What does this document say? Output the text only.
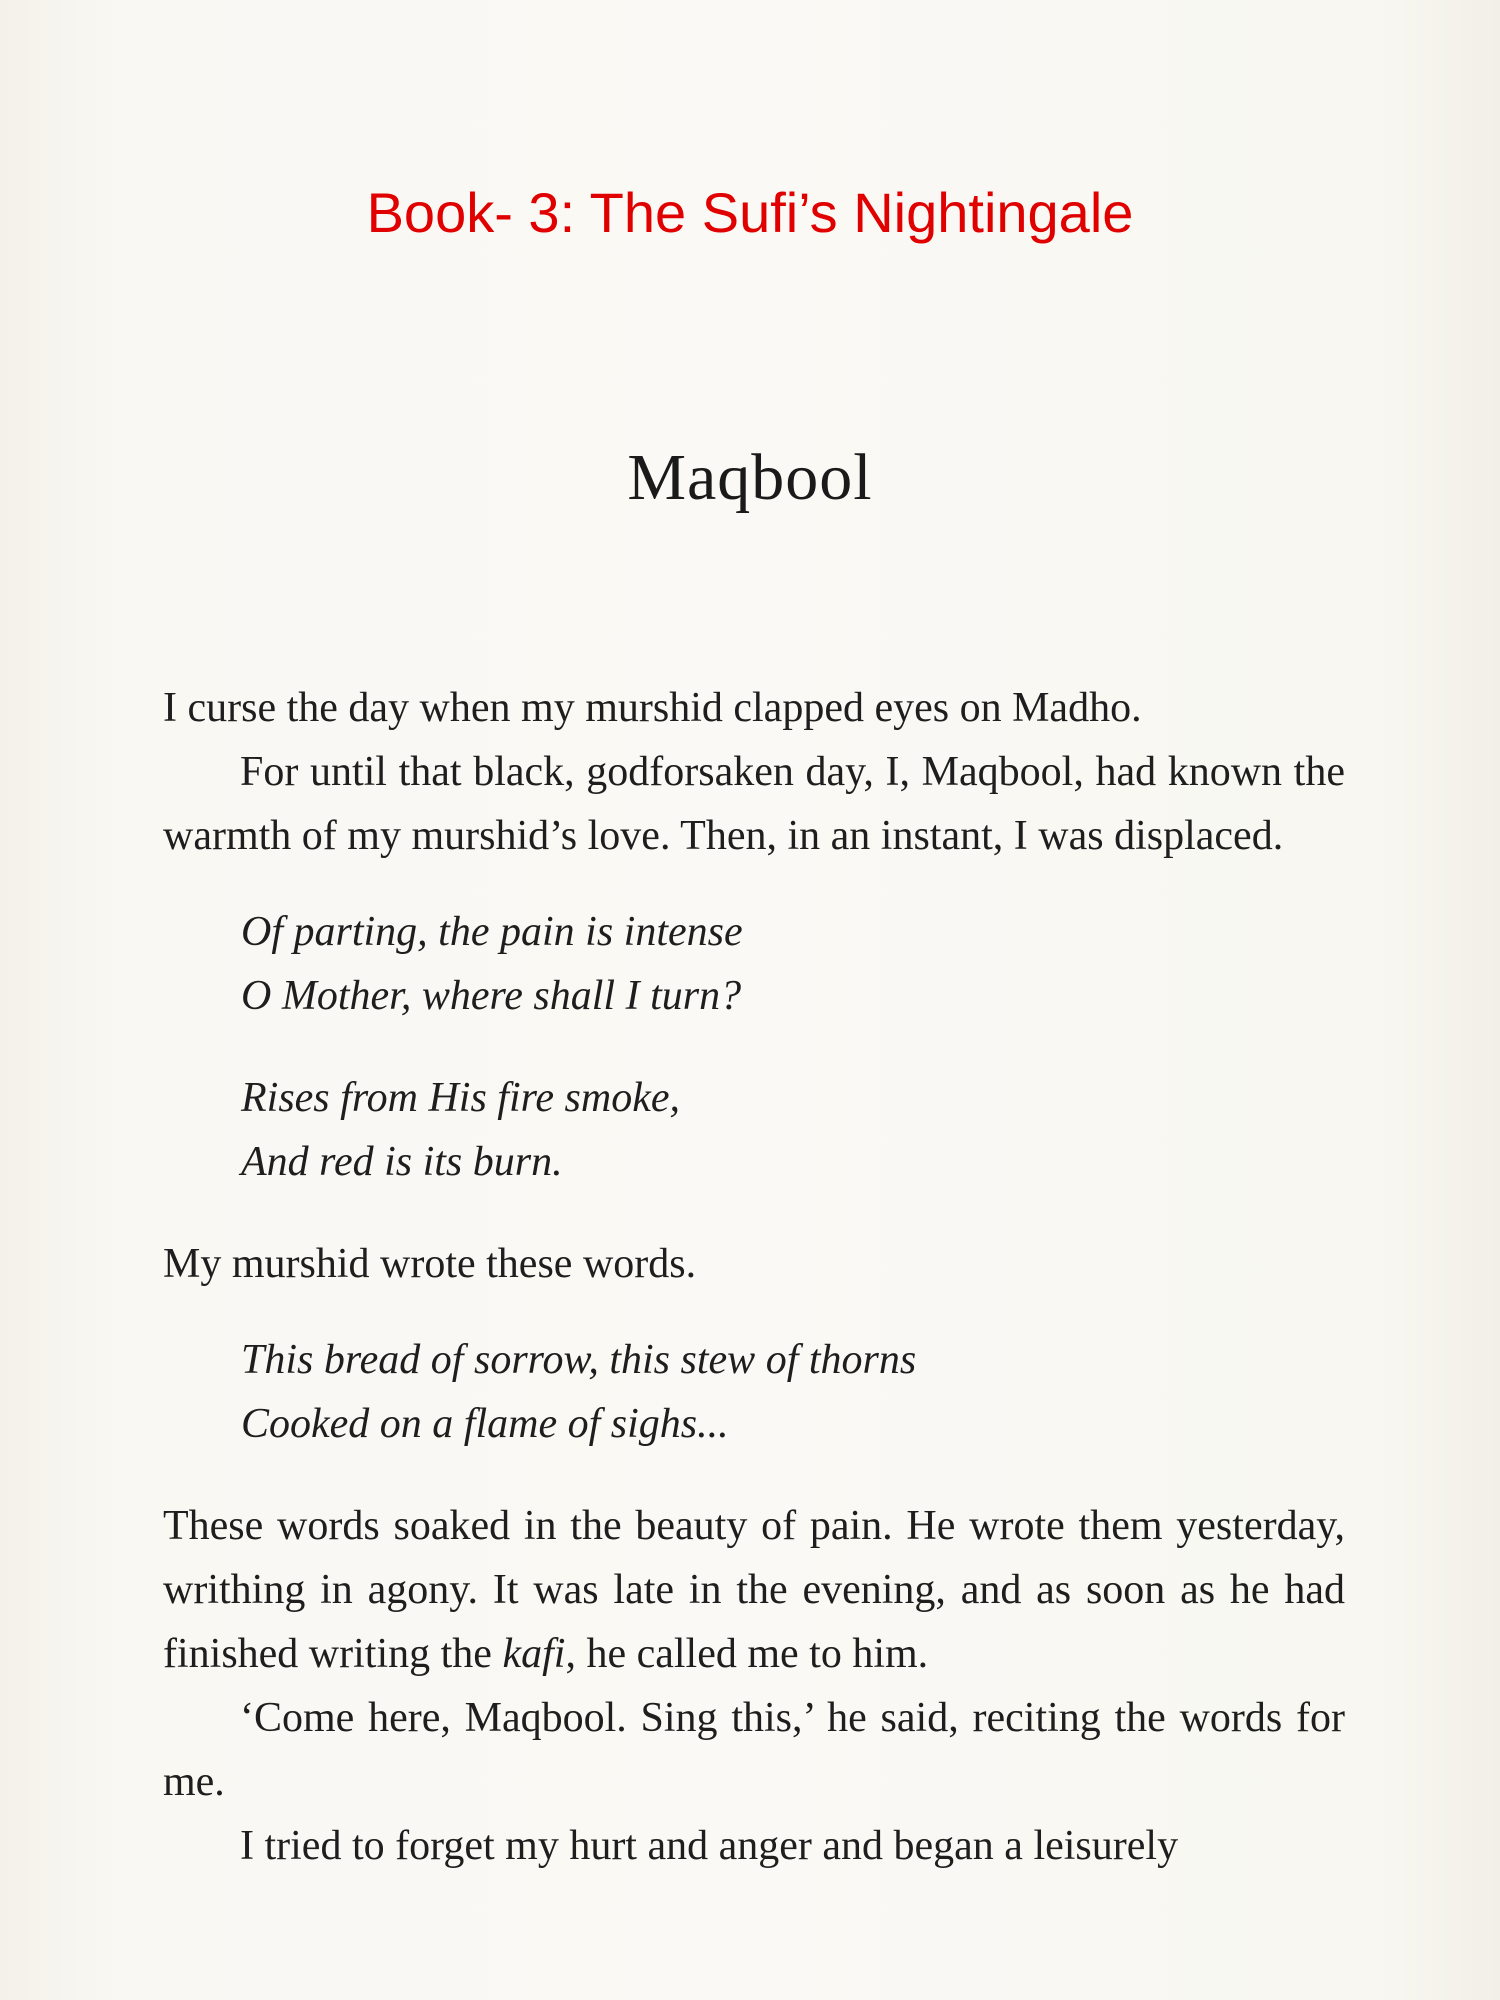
Book- 3: The Sufi’s Nightingale
Maqbool

I curse the day when my murshid clapped eyes on Madho.

For until that black, godforsaken day, I, Maqbool, had known the warmth of my murshid’s love. Then, in an instant, I was displaced.

Of parting, the pain is intense

O Mother, where shall I turn?

Rises from His fire smoke,

And red is its burn.

My murshid wrote these words.

This bread of sorrow, this stew of thorns

Cooked on a flame of sighs...

These words soaked in the beauty of pain. He wrote them yesterday, writhing in agony. It was late in the evening, and as soon as he had finished writing the kafi, he called me to him.

‘Come here, Maqbool. Sing this,’ he said, reciting the words for me.

I tried to forget my hurt and anger and began a leisurely
